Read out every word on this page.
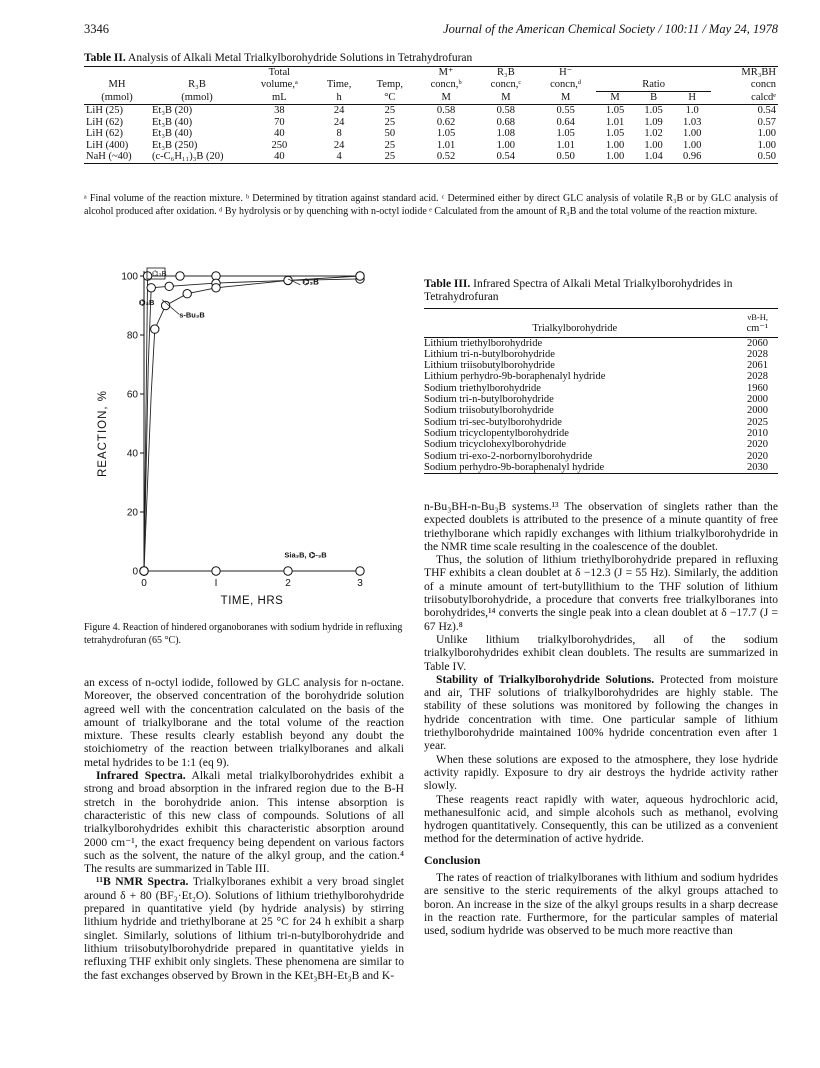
3346	Journal of the American Chemical Society / 100:11 / May 24, 1978
Table II. Analysis of Alkali Metal Trialkylborohydride Solutions in Tetrahydrofuran
		Total			M⁺	R₃B	H⁻				MR₃BH
MH	R₃B	volume,ᵃ	Time,	Temp,	concn,ᵇ	concn,ᶜ	concn,ᵈ	Ratio			concn
(mmol)	(mmol)	mL	h	°C	M	M	M	M	B	H	calcdᵉ
LiH (25)	Et₃B (20)	38	24	25	0.58	0.58	0.55	1.05	1.05	1.0	0.54
LiH (62)	Et₃B (40)	70	24	25	0.62	0.68	0.64	1.01	1.09	1.03	0.57
LiH (62)	Et₃B (40)	40	8	50	1.05	1.08	1.05	1.05	1.02	1.00	1.00
LiH (400)	Et₃B (250)	250	24	25	1.01	1.00	1.01	1.00	1.00	1.00	1.00
NaH (~40)	(c-C₆H₁₁)₃B (20)	40	4	25	0.52	0.54	0.50	1.00	1.04	0.96	0.50
ᵃ Final volume of the reaction mixture. ᵇ Determined by titration against standard acid. ᶜ Determined either by direct GLC analysis of volatile R₃B or by GLC analysis of alcohol produced after oxidation. ᵈ By hydrolysis or by quenching with n-octyl iodide ᵉ Calculated from the amount of R₃B and the total volume of the reaction mixture.
0
20
40
60
80
100
0	I	2	3
TIME, HRS
REACTION, %
⌬₃B
⌬₃B
s-Bu₃B
⌬₃B
Sia₃B, ⌬-₃B
Figure 4. Reaction of hindered organoboranes with sodium hydride in refluxing tetrahydrofuran (65 °C).
Table III. Infrared Spectra of Alkali Metal Trialkylborohydrides in Tetrahydrofuran
	νB-H,
Trialkylborohydride	cm⁻¹
Lithium triethylborohydride	2060
Lithium tri-n-butylborohydride	2028
Lithium triisobutylborohydride	2061
Lithium perhydro-9b-boraphenalyl hydride	2028
Sodium triethylborohydride	1960
Sodium tri-n-butylborohydride	2000
Sodium triisobutylborohydride	2000
Sodium tri-sec-butylborohydride	2025
Sodium tricyclopentylborohydride	2010
Sodium tricyclohexylborohydride	2020
Sodium tri-exo-2-norbornylborohydride	2020
Sodium perhydro-9b-boraphenalyl hydride	2030

an excess of n-octyl iodide, followed by GLC analysis for n-octane. Moreover, the observed concentration of the borohydride solution agreed well with the concentration calculated on the basis of the amount of trialkylborane and the total volume of the reaction mixture. These results clearly establish beyond any doubt the stoichiometry of the reaction between trialkylboranes and alkali metal hydrides to be 1:1 (eq 9).

Infrared Spectra. Alkali metal trialkylborohydrides exhibit a strong and broad absorption in the infrared region due to the B-H stretch in the borohydride anion. This intense absorption is characteristic of this new class of compounds. Solutions of all trialkylborohydrides exhibit this characteristic absorption around 2000 cm⁻¹, the exact frequency being dependent on various factors such as the solvent, the nature of the alkyl group, and the cation.⁴ The results are summarized in Table III.

¹¹B NMR Spectra. Trialkylboranes exhibit a very broad singlet around δ + 80 (BF₃·Et₂O). Solutions of lithium triethylborohydride prepared in quantitative yield (by hydride analysis) by stirring lithium hydride and triethylborane at 25 °C for 24 h exhibit a sharp singlet. Similarly, solutions of lithium tri-n-butylborohydride and lithium triisobutylborohydride prepared in quantitative yields in refluxing THF exhibit only singlets. These phenomena are similar to the fast exchanges observed by Brown in the KEt₃BH-Et₃B and K-

n-Bu₃BH-n-Bu₃B systems.¹³ The observation of singlets rather than the expected doublets is attributed to the presence of a minute quantity of free triethylborane which rapidly exchanges with lithium trialkylborohydride in the NMR time scale resulting in the coalescence of the doublet.

Thus, the solution of lithium triethylborohydride prepared in refluxing THF exhibits a clean doublet at δ −12.3 (J = 55 Hz). Similarly, the addition of a minute amount of tert-butyllithium to the THF solution of lithium triisobutylborohydride, a procedure that converts free trialkylboranes into borohydrides,¹⁴ converts the single peak into a clean doublet at δ −17.7 (J = 67 Hz).⁸

Unlike lithium trialkylborohydrides, all of the sodium trialkylborohydrides exhibit clean doublets. The results are summarized in Table IV.

Stability of Trialkylborohydride Solutions. Protected from moisture and air, THF solutions of trialkylborohydrides are highly stable. The stability of these solutions was monitored by following the changes in hydride concentration with time. One particular sample of lithium triethylborohydride maintained 100% hydride concentration even after 1 year.

When these solutions are exposed to the atmosphere, they lose hydride activity rapidly. Exposure to dry air destroys the hydride activity rather slowly.

These reagents react rapidly with water, aqueous hydrochloric acid, methanesulfonic acid, and simple alcohols such as methanol, evolving hydrogen quantitatively. Consequently, this can be utilized as a convenient method for the determination of active hydride.

Conclusion

The rates of reaction of trialkylboranes with lithium and sodium hydrides are sensitive to the steric requirements of the alkyl groups attached to boron. An increase in the size of the alkyl groups results in a sharp decrease in the reaction rate. Furthermore, for the particular samples of material used, sodium hydride was observed to be much more reactive than
